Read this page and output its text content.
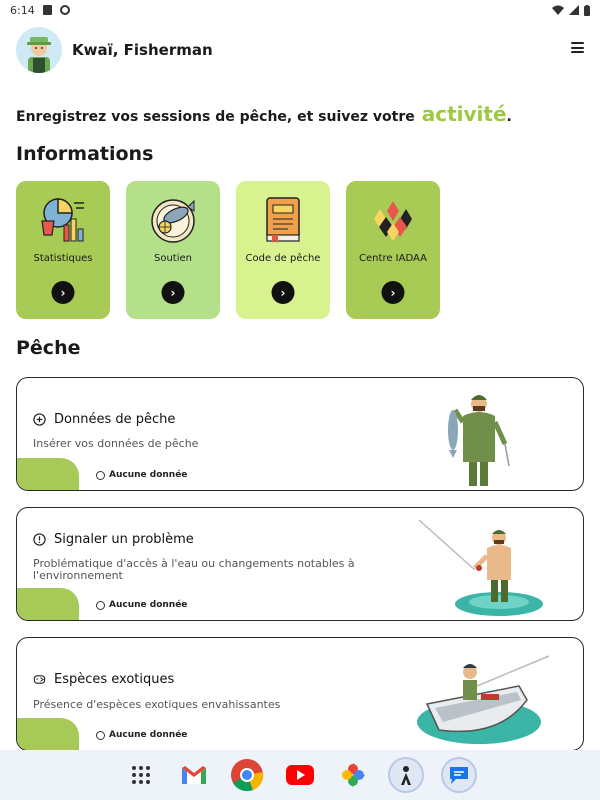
6:14
Kwaï, Fisherman
Enregistrez vos sessions de pêche, et suivez votre activité .
Informations
Statistiques
›
Soutien
›
Code de pêche
›
Centre IADAA
›
Pêche
Données de pêche
Insérer vos données de pêche
Aucune donnée
Signaler un problème
Problématique d'accès à l'eau ou changements notables à l'environnement
Aucune donnée
Espèces exotiques
Présence d'espèces exotiques envahissantes
Aucune donnée
